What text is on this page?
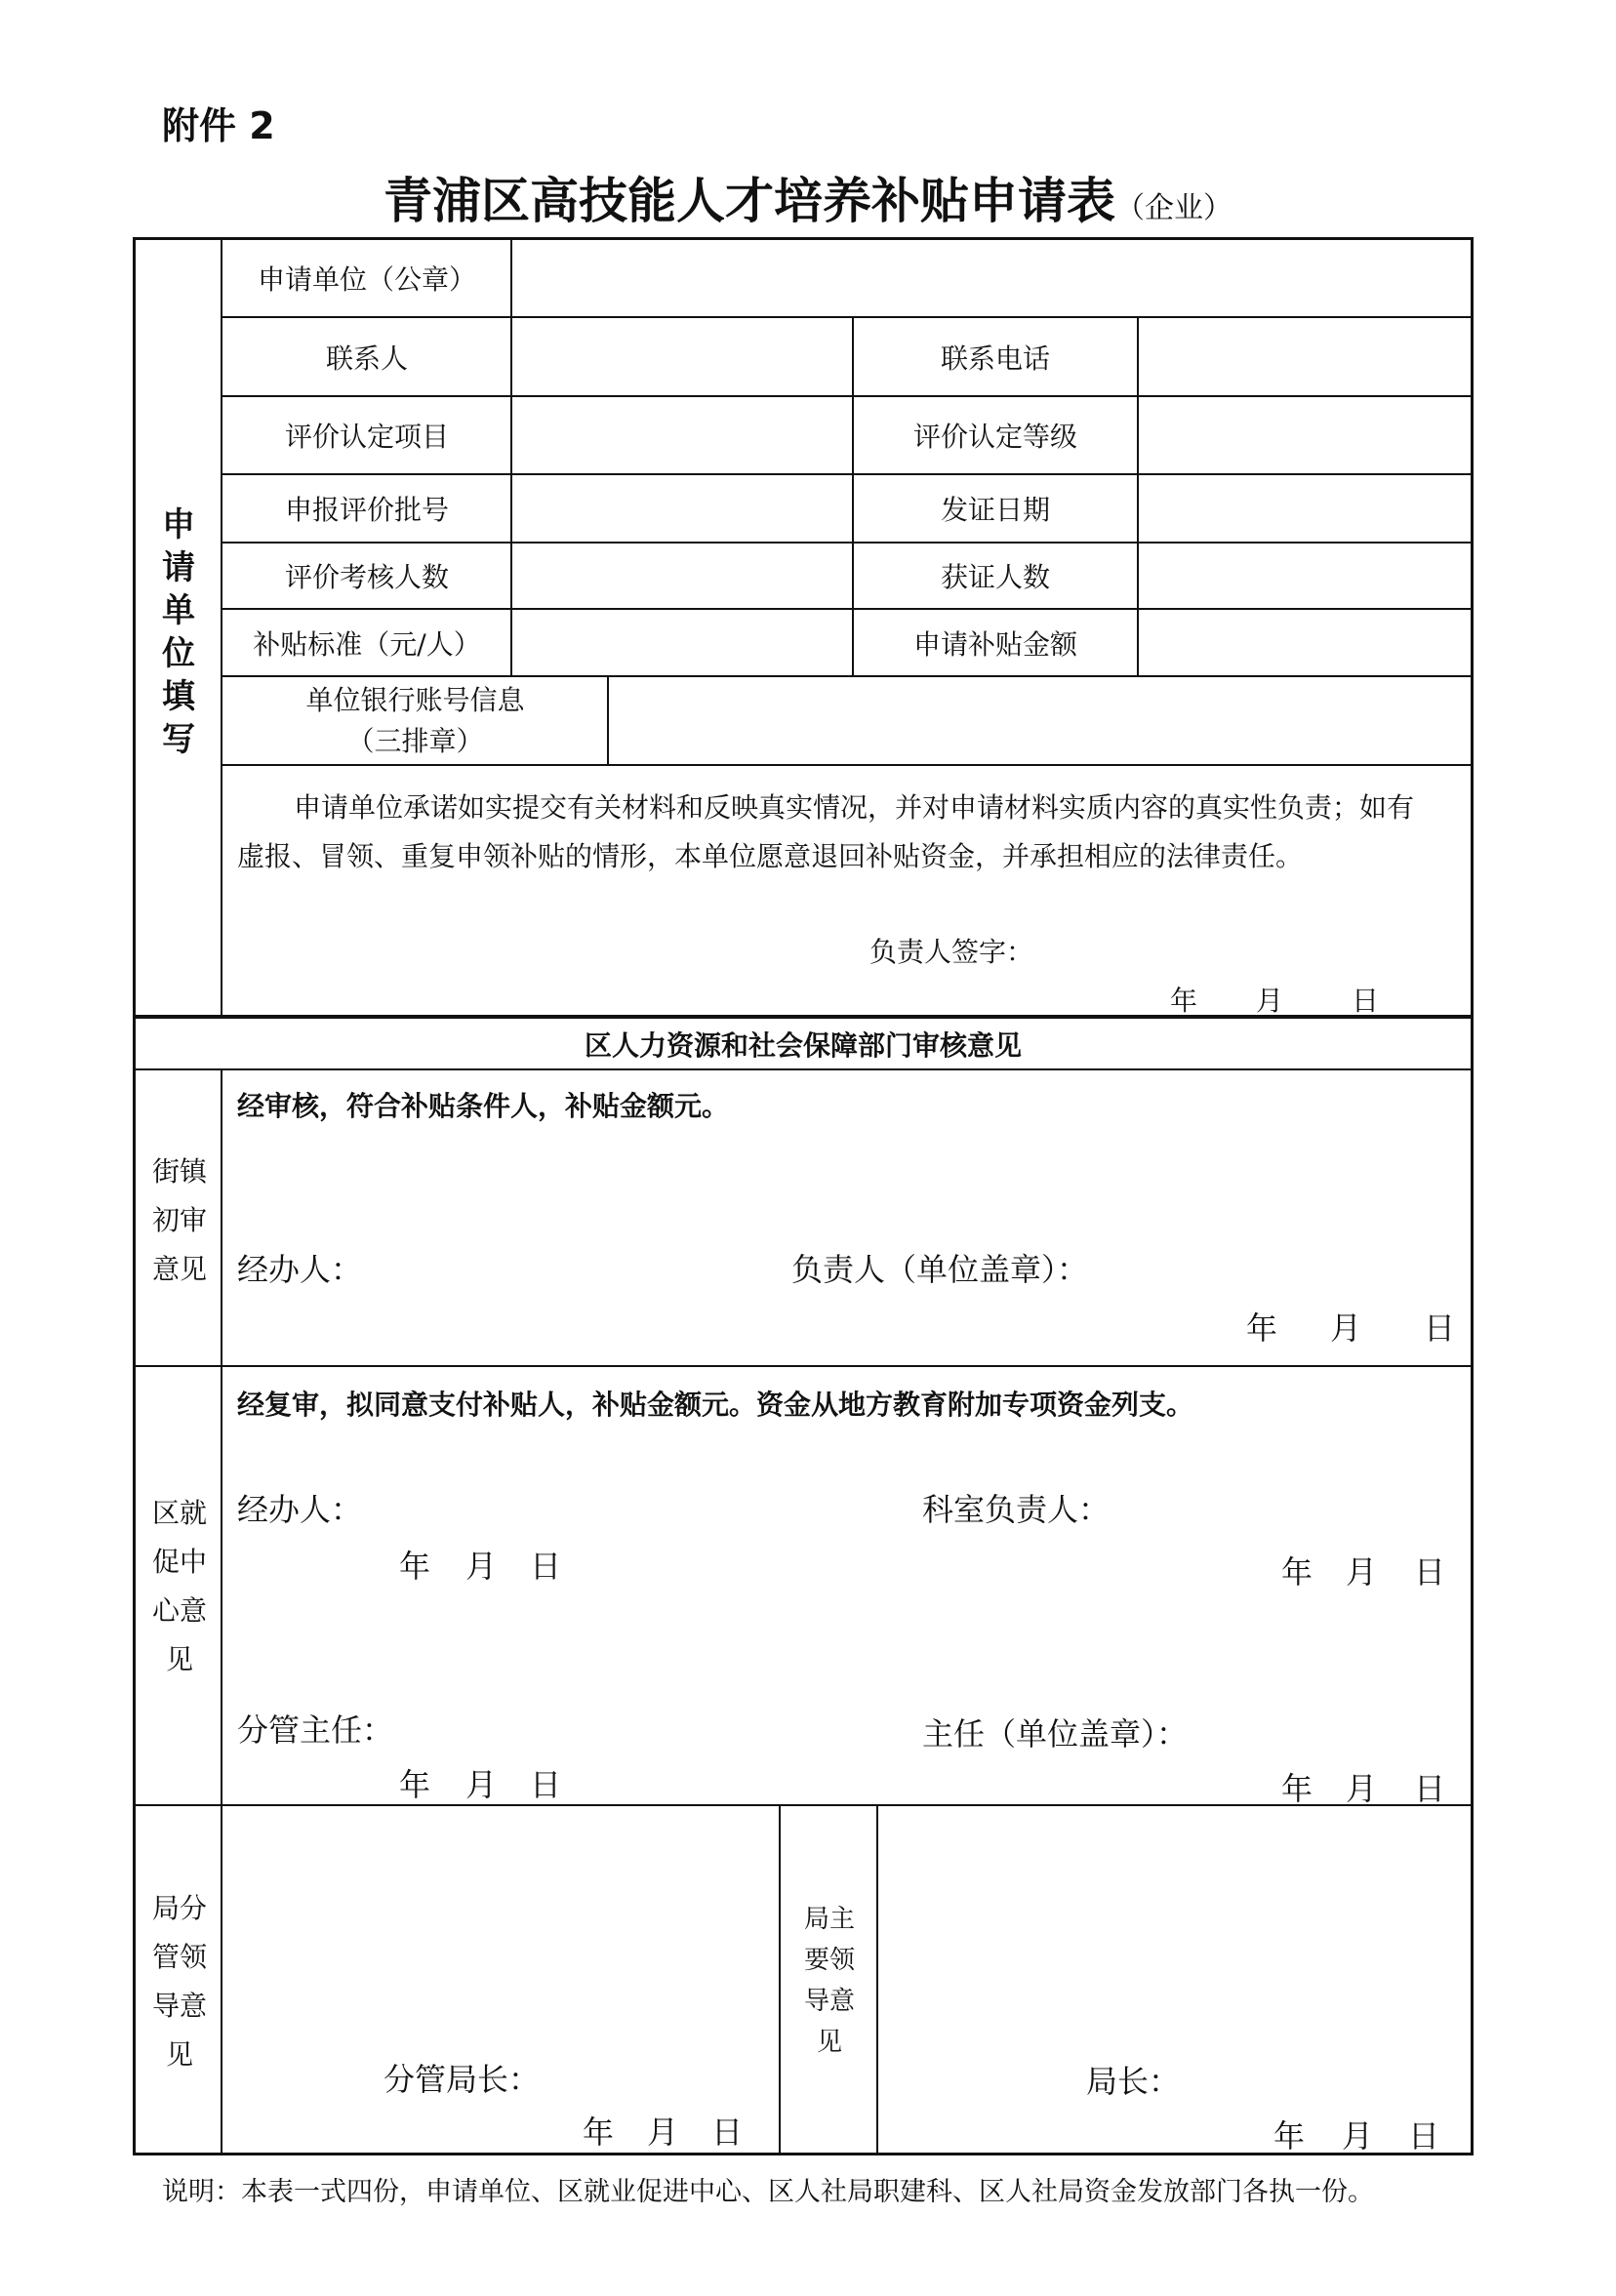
附件 2
青浦区高技能人才培养补贴申请表（企业）
申
请
单
位
填
写
申请单位（公章）
联系人	联系电话
评价认定项目	评价认定等级
申报评价批号	发证日期
评价考核人数	获证人数
补贴标准（元/人）	申请补贴金额
单位银行账号信息
（三排章）
申请单位承诺如实提交有关材料和反映真实情况，并对申请材料实质内容的真实性负责；如有
虚报、冒领、重复申领补贴的情形，本单位愿意退回补贴资金，并承担相应的法律责任。
负责人签字：
年 月 日
区人力资源和社会保障部门审核意见
街镇
初审
意见
经审核，符合补贴条件人，补贴金额元。
经办人：	负责人（单位盖章）：
年 月 日
区就
促中
心意
见
经复审，拟同意支付补贴人，补贴金额元。资金从地方教育附加专项资金列支。
经办人：	科室负责人：
年 月 日	年 月 日
分管主任：	主任（单位盖章）：
年 月 日	年 月 日
局分
管领
导意
见
分管局长：
年 月 日
局主
要领
导意
见
局长：
年 月 日
说明：本表一式四份，申请单位、区就业促进中心、区人社局职建科、区人社局资金发放部门各执一份。
